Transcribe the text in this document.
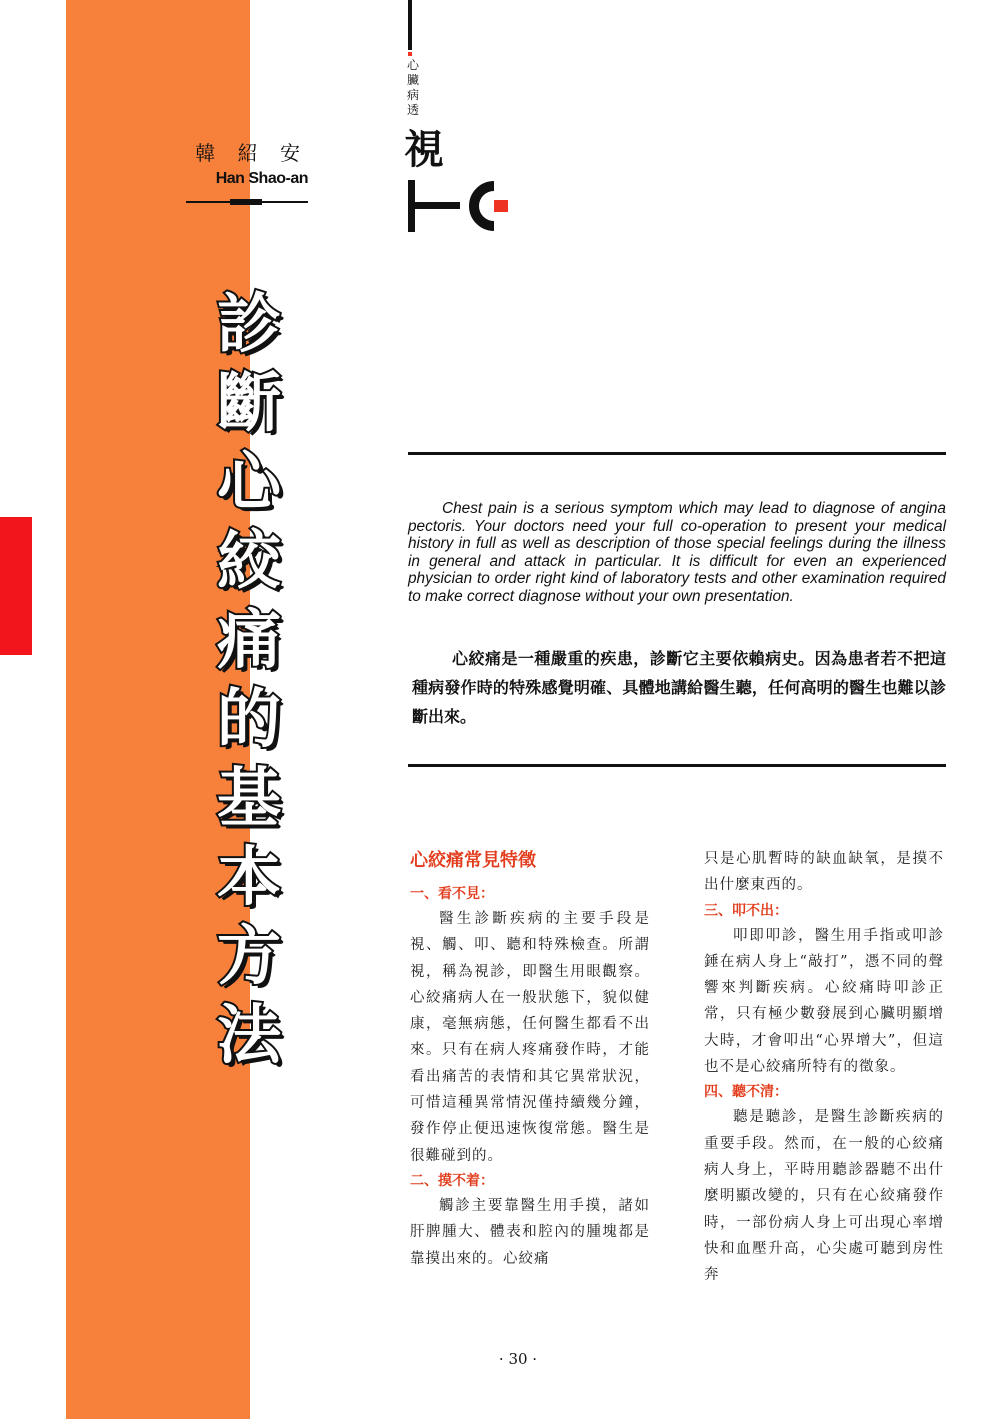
韓 紹 安
Han Shao-an
診
斷
心
絞
痛
的
基
本
方
法
心臟病透
視
Chest pain is a serious symptom which may lead to diagnose of angina pectoris. Your doctors need your full co-operation to present your medical history in full as well as description of those special feelings during the illness in general and attack in particular. It is difficult for even an experienced physician to order right kind of laboratory tests and other examination required to make correct diagnose without your own presentation.
心絞痛是一種嚴重的疾患，診斷它主要依賴病史。因為患者若不把這種病發作時的特殊感覺明確、具體地講給醫生聽，任何高明的醫生也難以診斷出來。
心絞痛常見特徵
一、看不見：

醫生診斷疾病的主要手段是視、觸、叩、聽和特殊檢查。所謂視，稱為視診，即醫生用眼觀察。心絞痛病人在一般狀態下，貌似健康，毫無病態，任何醫生都看不出來。只有在病人疼痛發作時，才能看出痛苦的表情和其它異常狀況，可惜這種異常情況僅持續幾分鐘，發作停止便迅速恢復常態。醫生是很難碰到的。

二、摸不着：

觸診主要靠醫生用手摸，諸如肝脾腫大、體表和腔內的腫塊都是靠摸出來的。心絞痛

只是心肌暫時的缺血缺氧，是摸不出什麼東西的。

三、叩不出：

叩即叩診，醫生用手指或叩診錘在病人身上“敲打”，憑不同的聲響來判斷疾病。心絞痛時叩診正常，只有極少數發展到心臟明顯增大時，才會叩出“心界增大”，但這也不是心絞痛所特有的徵象。

四、聽不清：

聽是聽診，是醫生診斷疾病的重要手段。然而，在一般的心絞痛病人身上，平時用聽診器聽不出什麼明顯改變的，只有在心絞痛發作時，一部份病人身上可出現心率增快和血壓升高，心尖處可聽到房性奔

· 30 ·
